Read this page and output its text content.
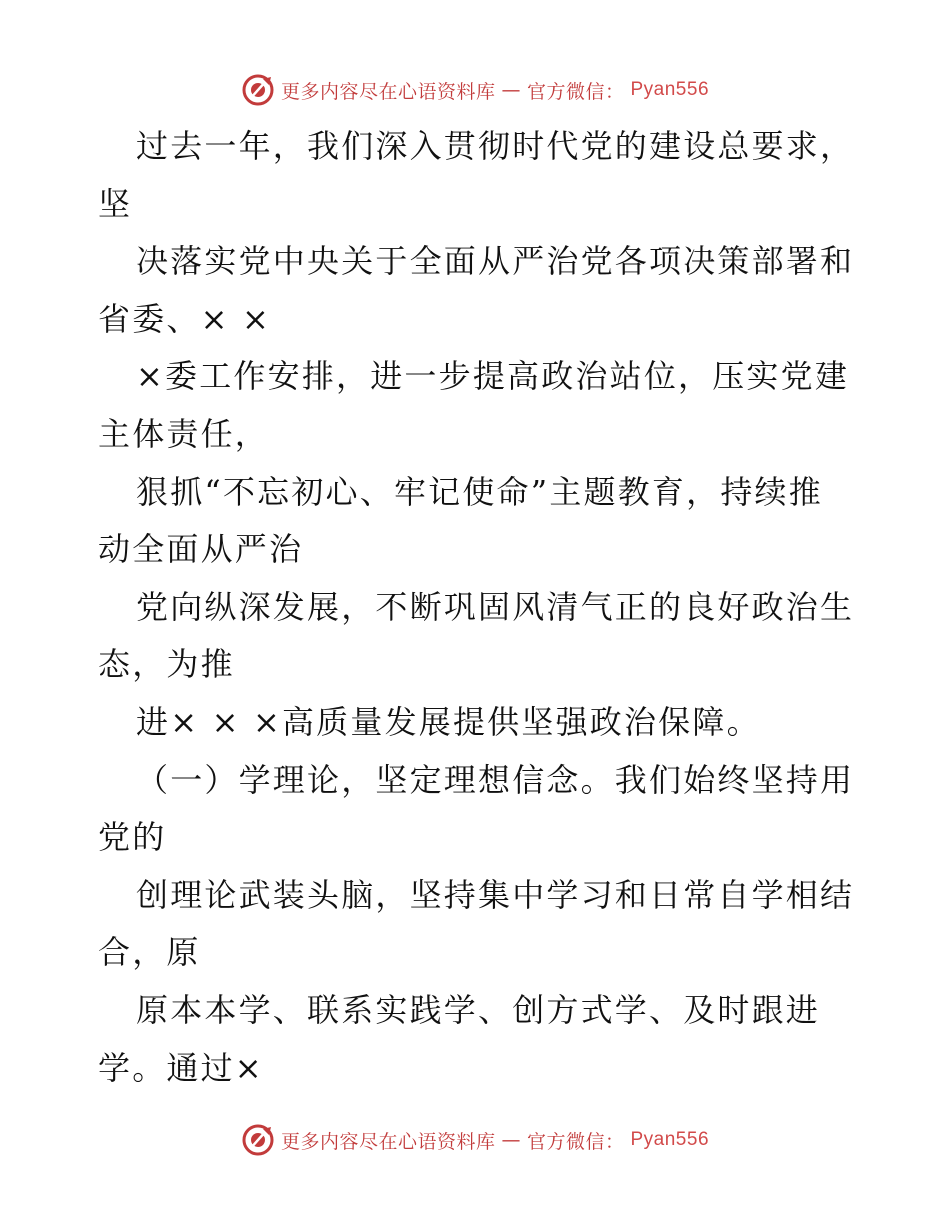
更多内容尽在心语资料库 — 官方微信： Pyan556
过去一年，我们深入贯彻时代党的建设总要求，
坚
决落实党中央关于全面从严治党各项决策部署和
省委、× ×
×委工作安排，进一步提高政治站位，压实党建
主体责任，
狠抓“不忘初心、牢记使命”主题教育，持续推
动全面从严治
党向纵深发展，不断巩固风清气正的良好政治生
态，为推
进× × ×高质量发展提供坚强政治保障。
（一）学理论，坚定理想信念。我们始终坚持用
党的
创理论武装头脑，坚持集中学习和日常自学相结
合，原
原本本学、联系实践学、创方式学、及时跟进
学。通过×
更多内容尽在心语资料库 — 官方微信： Pyan556
